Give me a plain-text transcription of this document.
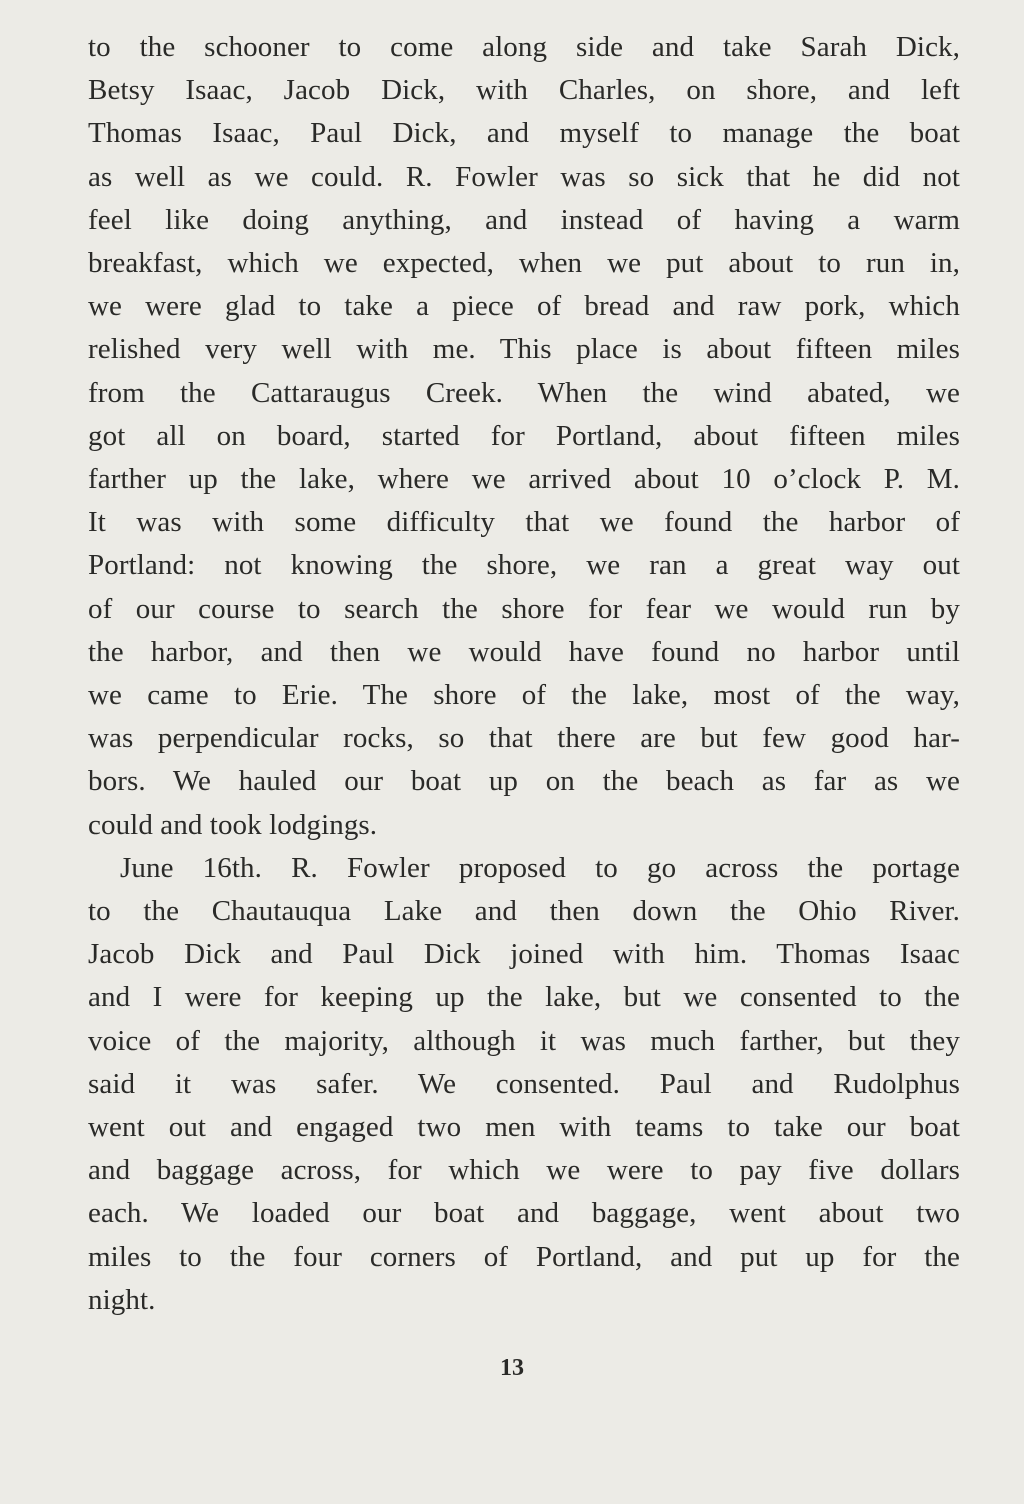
to the schooner to come along side and take Sarah Dick,
Betsy Isaac, Jacob Dick, with Charles, on shore, and left
Thomas Isaac, Paul Dick, and myself to manage the boat
as well as we could. R. Fowler was so sick that he did not
feel like doing anything, and instead of having a warm
breakfast, which we expected, when we put about to run in,
we were glad to take a piece of bread and raw pork, which
relished very well with me. This place is about fifteen miles
from the Cattaraugus Creek. When the wind abated, we
got all on board, started for Portland, about fifteen miles
farther up the lake, where we arrived about 10 o’clock P. M.
It was with some difficulty that we found the harbor of
Portland: not knowing the shore, we ran a great way out
of our course to search the shore for fear we would run by
the harbor, and then we would have found no harbor until
we came to Erie. The shore of the lake, most of the way,
was perpendicular rocks, so that there are but few good har-
bors. We hauled our boat up on the beach as far as we
could and took lodgings.

June 16th. R. Fowler proposed to go across the portage
to the Chautauqua Lake and then down the Ohio River.
Jacob Dick and Paul Dick joined with him. Thomas Isaac
and I were for keeping up the lake, but we consented to the
voice of the majority, although it was much farther, but they
said it was safer. We consented. Paul and Rudolphus
went out and engaged two men with teams to take our boat
and baggage across, for which we were to pay five dollars
each. We loaded our boat and baggage, went about two
miles to the four corners of Portland, and put up for the
night.

13
